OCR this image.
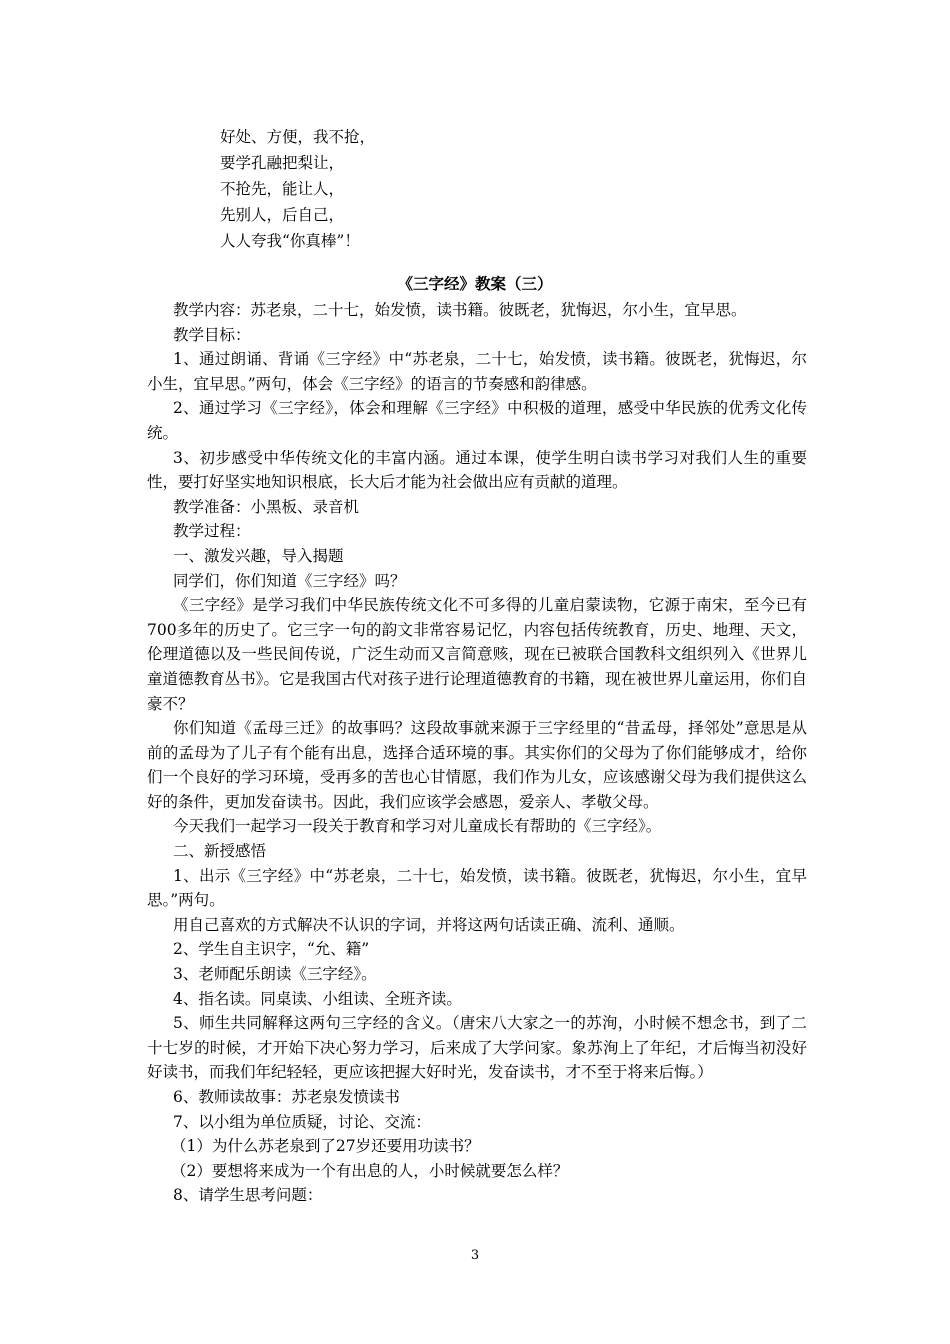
好处、方便，我不抢，
要学孔融把梨让，
不抢先，能让人，
先别人，后自己，
人人夸我“你真棒”！
《三字经》教案（三）

教学内容：苏老泉，二十七，始发愤，读书籍。彼既老，犹悔迟，尔小生，宜早思。

教学目标：

1、通过朗诵、背诵《三字经》中“苏老泉，二十七，始发愤，读书籍。彼既老，犹悔迟，尔小生，宜早思。”两句，体会《三字经》的语言的节奏感和韵律感。

2、通过学习《三字经》，体会和理解《三字经》中积极的道理，感受中华民族的优秀文化传统。

3、初步感受中华传统文化的丰富内涵。通过本课，使学生明白读书学习对我们人生的重要性，要打好坚实地知识根底，长大后才能为社会做出应有贡献的道理。

教学准备：小黑板、录音机

教学过程：

一、激发兴趣，导入揭题

同学们，你们知道《三字经》吗？

《三字经》是学习我们中华民族传统文化不可多得的儿童启蒙读物，它源于南宋，至今已有700多年的历史了。它三字一句的韵文非常容易记忆，内容包括传统教育，历史、地理、天文，伦理道德以及一些民间传说，广泛生动而又言简意赅，现在已被联合国教科文组织列入《世界儿童道德教育丛书》。它是我国古代对孩子进行论理道德教育的书籍，现在被世界儿童运用，你们自豪不？

你们知道《孟母三迁》的故事吗？这段故事就来源于三字经里的“昔孟母，择邻处”意思是从前的孟母为了儿子有个能有出息，选择合适环境的事。其实你们的父母为了你们能够成才，给你们一个良好的学习环境，受再多的苦也心甘情愿，我们作为儿女，应该感谢父母为我们提供这么好的条件，更加发奋读书。因此，我们应该学会感恩，爱亲人、孝敬父母。

今天我们一起学习一段关于教育和学习对儿童成长有帮助的《三字经》。

二、新授感悟

1、出示《三字经》中“苏老泉，二十七，始发愤，读书籍。彼既老，犹悔迟，尔小生，宜早思。”两句。

用自己喜欢的方式解决不认识的字词，并将这两句话读正确、流利、通顺。

2、学生自主识字，“允、籍”

3、老师配乐朗读《三字经》。

4、指名读。同桌读、小组读、全班齐读。

5、师生共同解释这两句三字经的含义。（唐宋八大家之一的苏洵，小时候不想念书，到了二十七岁的时候，才开始下决心努力学习，后来成了大学问家。象苏洵上了年纪，才后悔当初没好好读书，而我们年纪轻轻，更应该把握大好时光，发奋读书，才不至于将来后悔。）

6、教师读故事：苏老泉发愤读书

7、以小组为单位质疑，讨论、交流：

（1）为什么苏老泉到了27岁还要用功读书？

（2）要想将来成为一个有出息的人，小时候就要怎么样？

8、请学生思考问题：

3
